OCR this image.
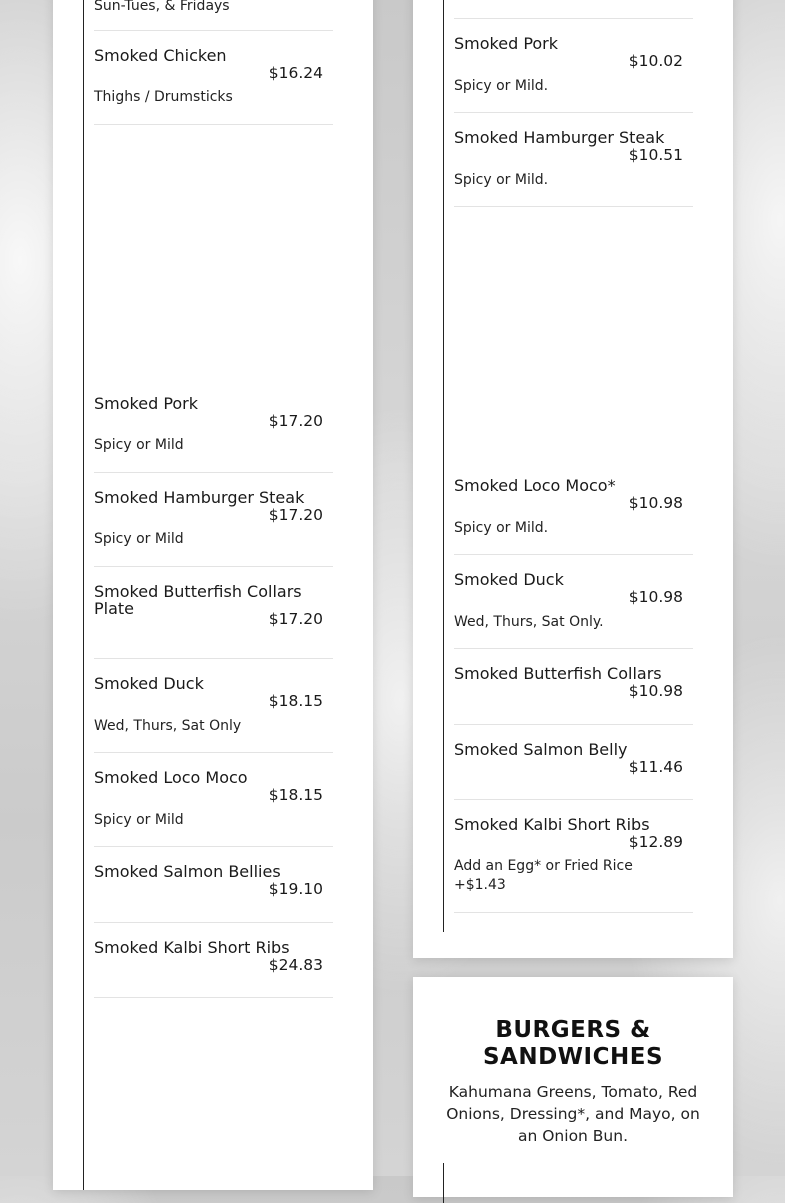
Sun-Tues, & Fridays
Smoked Chicken
$16.24
Thighs / Drumsticks
Smoked Pork
$17.20
Spicy or Mild
Smoked Hamburger Steak
$17.20
Spicy or Mild
Smoked Butterfish Collars Plate
$17.20
Smoked Duck
$18.15
Wed, Thurs, Sat Only
Smoked Loco Moco
$18.15
Spicy or Mild
Smoked Salmon Bellies
$19.10
Smoked Kalbi Short Ribs
$24.83
Smoked Pork
$10.02
Spicy or Mild.
Smoked Hamburger Steak
$10.51
Spicy or Mild.
Smoked Loco Moco*
$10.98
Spicy or Mild.
Smoked Duck
$10.98
Wed, Thurs, Sat Only.
Smoked Butterfish Collars
$10.98
Smoked Salmon Belly
$11.46
Smoked Kalbi Short Ribs
$12.89
Add an Egg* or Fried Rice +$1.43
BURGERS & SANDWICHES
Kahumana Greens, Tomato, Red Onions, Dressing*, and Mayo, on an Onion Bun.
